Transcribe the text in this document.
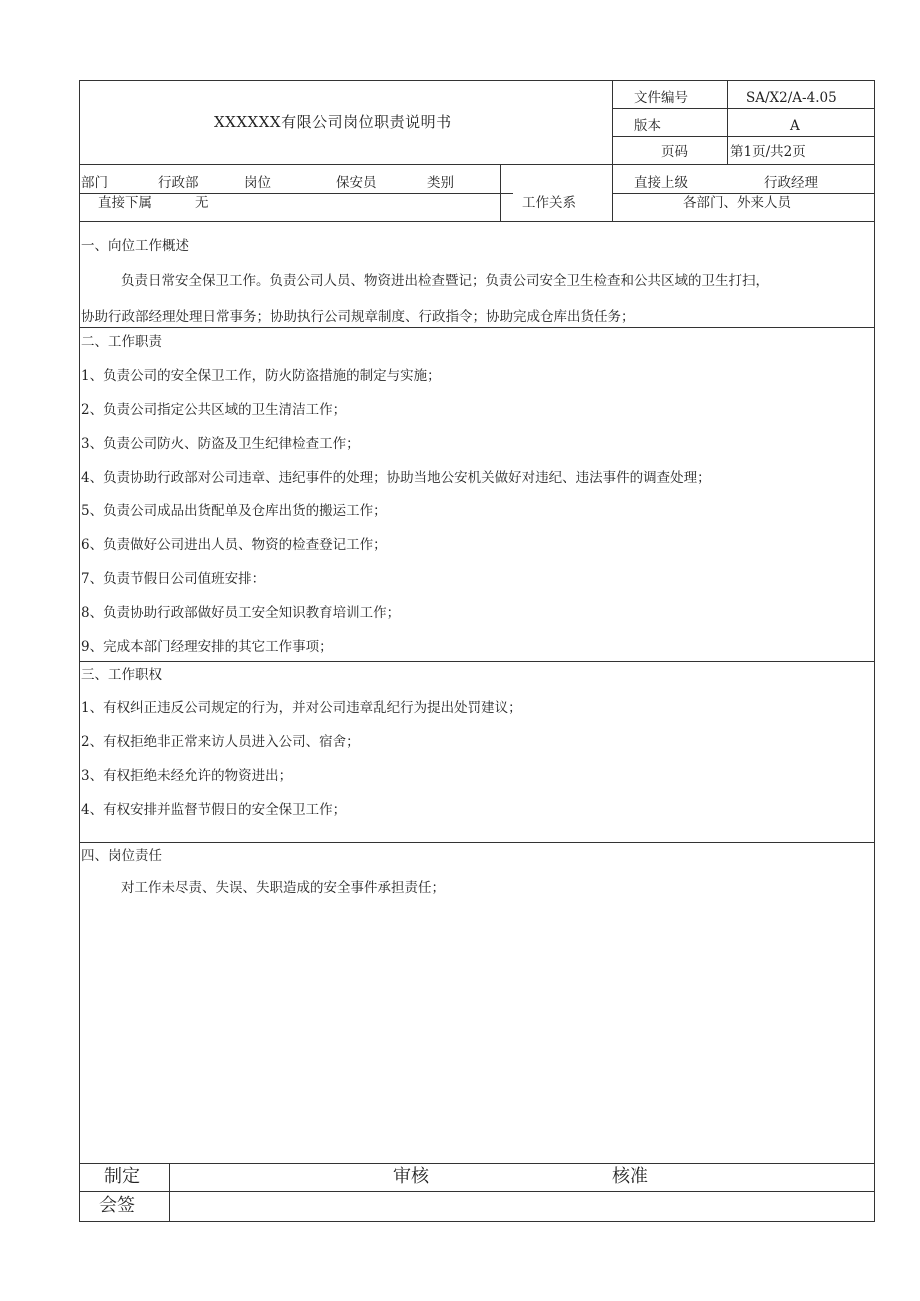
XXXXXX有限公司岗位职责说明书
文件编号	SA/X2/A-4.05
版本	A
页码	第1页/共2页
部门	行政部	岗位	保安员	类别	直接上级	行政经理
直接下属	无	工作关系	各部门、外来人员
一、向位工作概述
负责日常安全保卫工作。负责公司人员、物资进出检查暨记；负责公司安全卫生检查和公共区域的卫生打扫，
协助行政部经理处理日常事务；协助执行公司规章制度、行政指令；协助完成仓库出货任务；
二、工作职责
1、负责公司的安全保卫工作，防火防盗措施的制定与实施；
2、负责公司指定公共区域的卫生清洁工作；
3、负责公司防火、防盗及卫生纪律检查工作；
4、负责协助行政部对公司违章、违纪事件的处理；协助当地公安机关做好对违纪、违法事件的调查处理；
5、负责公司成品出货配单及仓库出货的搬运工作；
6、负责做好公司进出人员、物资的检查登记工作；
7、负责节假日公司值班安排：
8、负责协助行政部做好员工安全知识教育培训工作；
9、完成本部门经理安排的其它工作事项；
三、工作职权
1、有权纠正违反公司规定的行为，并对公司违章乱纪行为提出处罚建议；
2、有权拒绝非正常来访人员进入公司、宿舍；
3、有权拒绝未经允许的物资进出；
4、有权安排并监督节假日的安全保卫工作；
四、岗位责任
对工作未尽责、失误、失职造成的安全事件承担责任；
制定	审核	核准
会签
